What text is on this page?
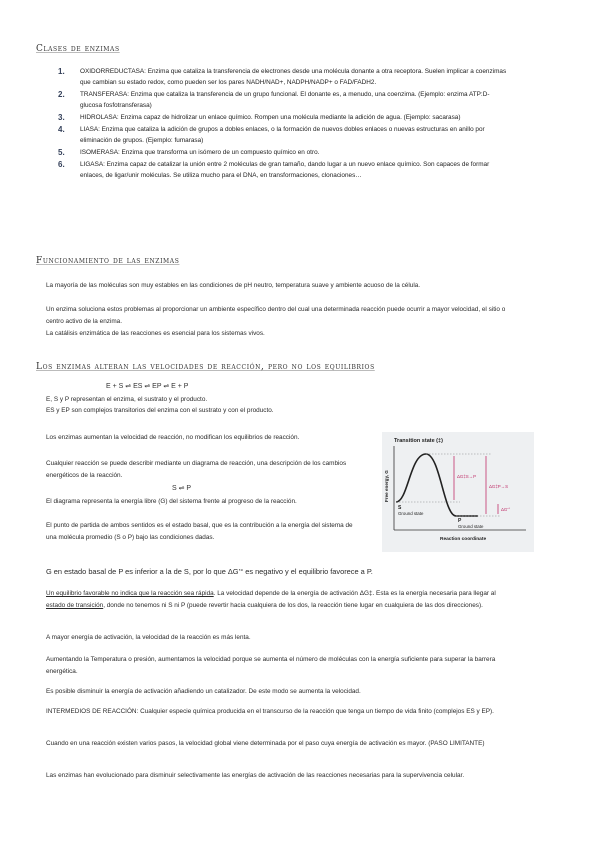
Clases de enzimas
1. OXIDORREDUCTASA: Enzima que cataliza la transferencia de electrones desde una molécula donante a otra receptora. Suelen implicar a coenzimas que cambian su estado redox, como pueden ser los pares NADH/NAD+, NADPH/NADP+ o FAD/FADH2.
2. TRANSFERASA: Enzima que cataliza la transferencia de un grupo funcional. El donante es, a menudo, una coenzima. (Ejemplo: enzima ATP:D-glucosa fosfotransferasa)
3. HIDROLASA: Enzima capaz de hidrolizar un enlace químico. Rompen una molécula mediante la adición de agua. (Ejemplo: sacarasa)
4. LIASA: Enzima que cataliza la adición de grupos a dobles enlaces, o la formación de nuevos dobles enlaces o nuevas estructuras en anillo por eliminación de grupos. (Ejemplo: fumarasa)
5. ISOMERASA: Enzima que transforma un isómero de un compuesto químico en otro.
6. LIGASA: Enzima capaz de catalizar la unión entre 2 moléculas de gran tamaño, dando lugar a un nuevo enlace químico. Son capaces de formar enlaces, de ligar/unir moléculas. Se utiliza mucho para el DNA, en transformaciones, clonaciones…
Funcionamiento de las enzimas
La mayoría de las moléculas son muy estables en las condiciones de pH neutro, temperatura suave y ambiente acuoso de la célula.
Un enzima soluciona estos problemas al proporcionar un ambiente específico dentro del cual una determinada reacción puede ocurrir a mayor velocidad, el sitio o centro activo de la enzima.
La catálisis enzimática de las reacciones es esencial para los sistemas vivos.
Los enzimas alteran las velocidades de reacción, pero no los equilibrios
E + S ⇌ ES ⇌ EP ⇌ E + P
E, S y P representan el enzima, el sustrato y el producto.
ES y EP son complejos transitorios del enzima con el sustrato y con el producto.
Los enzimas aumentan la velocidad de reacción, no modifican los equilibrios de reacción.
Cualquier reacción se puede describir mediante un diagrama de reacción, una descripción de los cambios energéticos de la reacción.
S ⇌ P
El diagrama representa la energía libre (G) del sistema frente al progreso de la reacción.
El punto de partida de ambos sentidos es el estado basal, que es la contribución a la energía del sistema de una molécula promedio (S o P) bajo las condiciones dadas.
Transition state (‡)
Free energy, G	ΔG‡S→P
ΔG‡P→S
ΔG’°
S
Ground state
P
Ground state
Reaction coordinate
G en estado basal de P es inferior a la de S, por lo que ΔG’° es negativo y el equilibrio favorece a P.
Un equilibrio favorable no indica que la reacción sea rápida. La velocidad depende de la energía de activación ΔG‡. Esta es la energía necesaria para llegar al estado de transición, donde no tenemos ni S ni P (puede revertir hacia cualquiera de los dos, la reacción tiene lugar en cualquiera de las dos direcciones).
A mayor energía de activación, la velocidad de la reacción es más lenta.
Aumentando la Temperatura o presión, aumentamos la velocidad porque se aumenta el número de moléculas con la energía suficiente para superar la barrera energética.
Es posible disminuir la energía de activación añadiendo un catalizador. De este modo se aumenta la velocidad.
INTERMEDIOS DE REACCIÓN: Cualquier especie química producida en el transcurso de la reacción que tenga un tiempo de vida finito (complejos ES y EP).
Cuando en una reacción existen varios pasos, la velocidad global viene determinada por el paso cuya energía de activación es mayor. (PASO LIMITANTE)
Las enzimas han evolucionado para disminuir selectivamente las energías de activación de las reacciones necesarias para la supervivencia celular.
